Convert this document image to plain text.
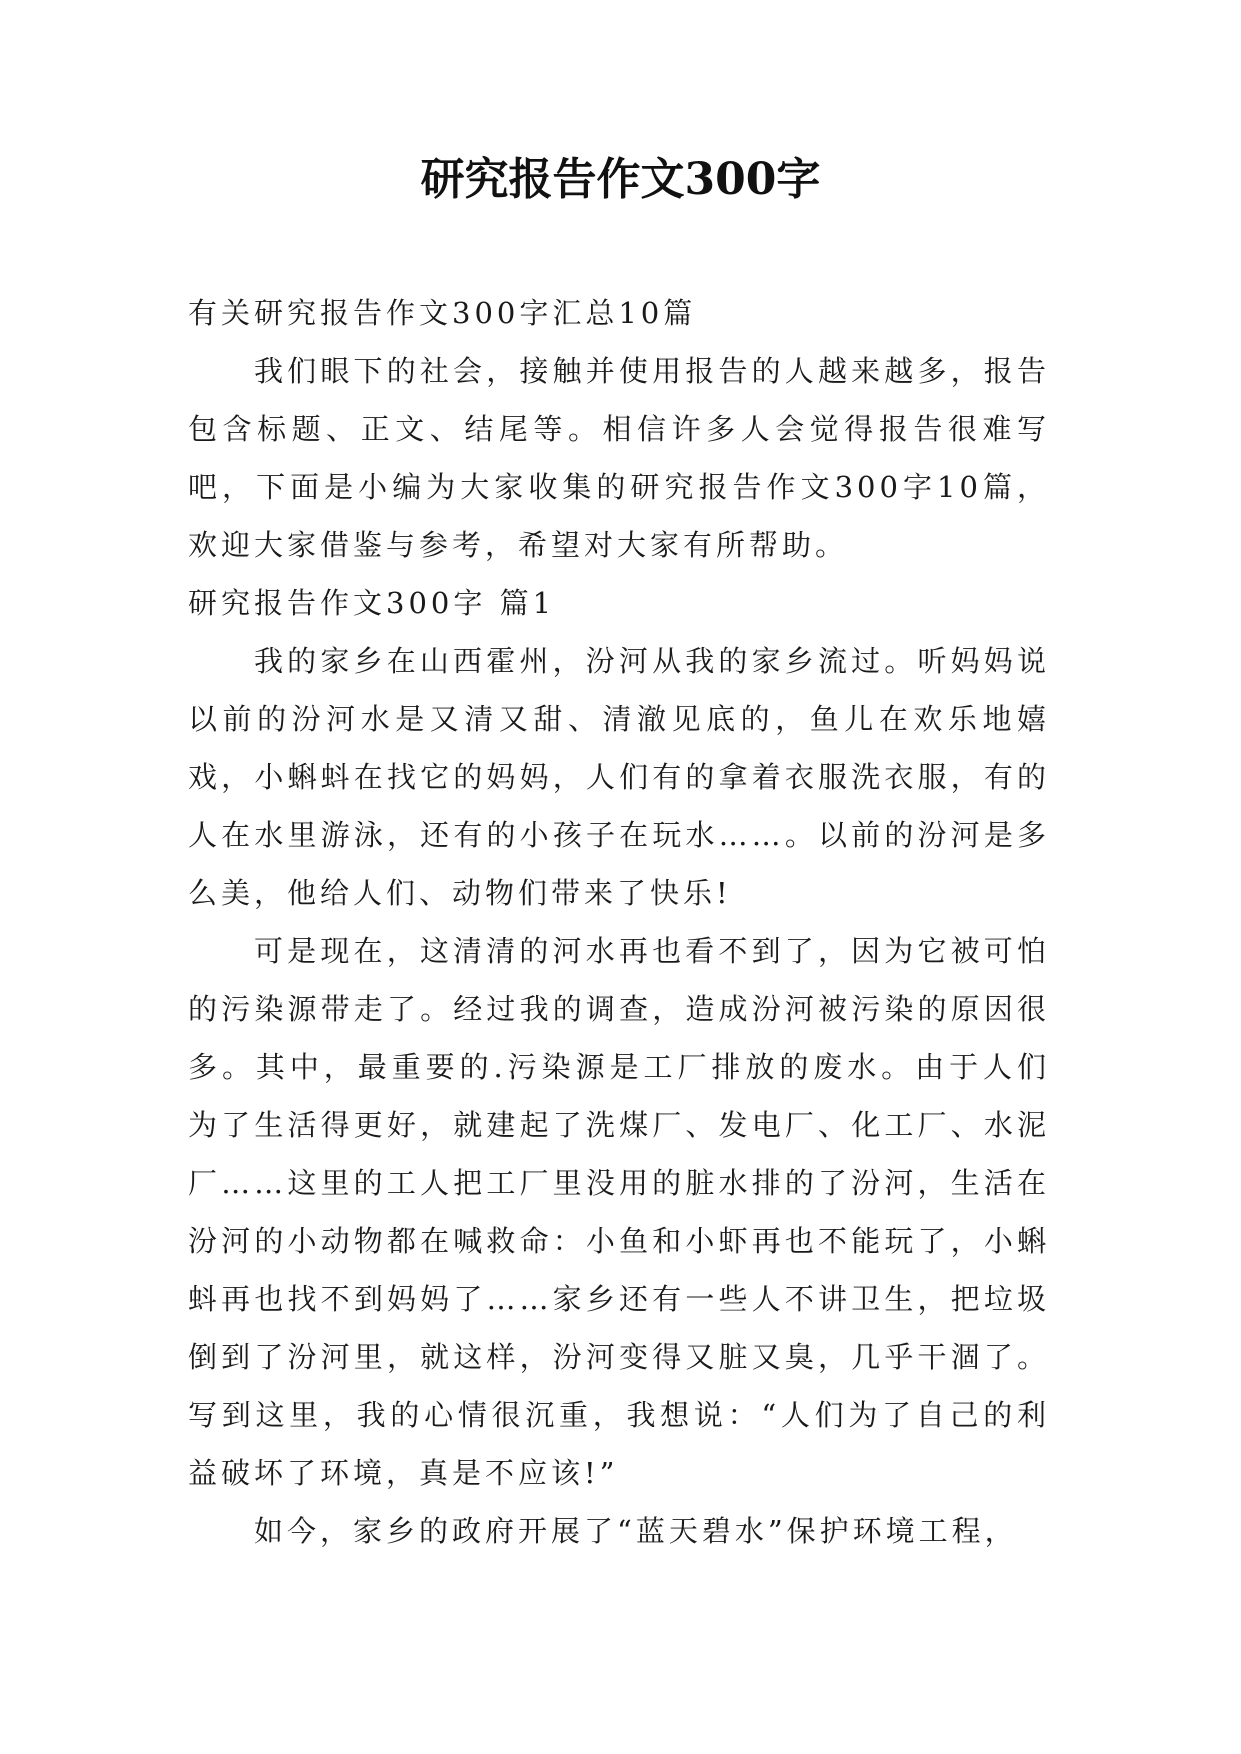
研究报告作文300字

有关研究报告作文300字汇总10篇

我们眼下的社会，接触并使用报告的人越来越多，报告包含标题、正文、结尾等。相信许多人会觉得报告很难写吧，下面是小编为大家收集的研究报告作文300字10篇，欢迎大家借鉴与参考，希望对大家有所帮助。

研究报告作文300字 篇1

我的家乡在山西霍州，汾河从我的家乡流过。听妈妈说以前的汾河水是又清又甜、清澈见底的，鱼儿在欢乐地嬉戏，小蝌蚪在找它的妈妈，人们有的拿着衣服洗衣服，有的人在水里游泳，还有的小孩子在玩水……。以前的汾河是多么美，他给人们、动物们带来了快乐!

可是现在，这清清的河水再也看不到了，因为它被可怕的污染源带走了。经过我的调查，造成汾河被污染的原因很多。其中，最重要的.污染源是工厂排放的废水。由于人们为了生活得更好，就建起了洗煤厂、发电厂、化工厂、水泥厂……这里的工人把工厂里没用的脏水排的了汾河，生活在汾河的小动物都在喊救命：小鱼和小虾再也不能玩了，小蝌蚪再也找不到妈妈了……家乡还有一些人不讲卫生，把垃圾倒到了汾河里，就这样，汾河变得又脏又臭，几乎干涸了。写到这里，我的心情很沉重，我想说：“人们为了自己的利益破坏了环境，真是不应该!”

如今，家乡的政府开展了“蓝天碧水”保护环境工程，
